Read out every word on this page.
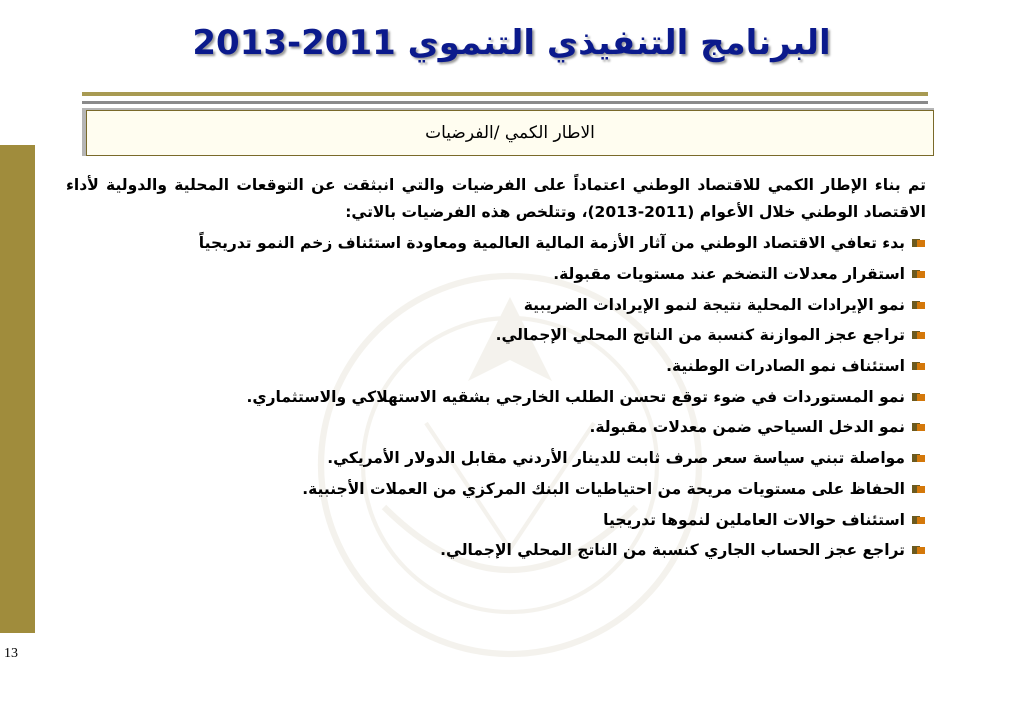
البرنامج التنفيذي التنموي 2011-2013
الاطار الكمي /الفرضيات
13

تم بناء الإطار الكمي للاقتصاد الوطني اعتماداً على الفرضيات والتي انبثقت عن التوقعات المحلية والدولية لأداء الاقتصاد الوطني خلال الأعوام (2011-2013)، وتتلخص هذه الفرضيات بالاتي:

بدء تعافي الاقتصاد الوطني من آثار الأزمة المالية العالمية ومعاودة استئناف زخم النمو تدريجياً
استقرار معدلات التضخم عند مستويات مقبولة.
نمو الإيرادات المحلية نتيجة لنمو الإيرادات الضريبية
تراجع عجز الموازنة كنسبة من الناتج المحلي الإجمالي.
استئناف نمو الصادرات الوطنية.
نمو المستوردات في ضوء توقع تحسن الطلب الخارجي بشقيه الاستهلاكي والاستثماري.
نمو الدخل السياحي ضمن معدلات مقبولة.
مواصلة تبني سياسة سعر صرف ثابت للدينار الأردني مقابل الدولار الأمريكي.
الحفاظ على مستويات مريحة من احتياطيات البنك المركزي من العملات الأجنبية.
استئناف حوالات العاملين لنموها تدريجيا
تراجع عجز الحساب الجاري كنسبة من الناتج المحلي الإجمالي.
